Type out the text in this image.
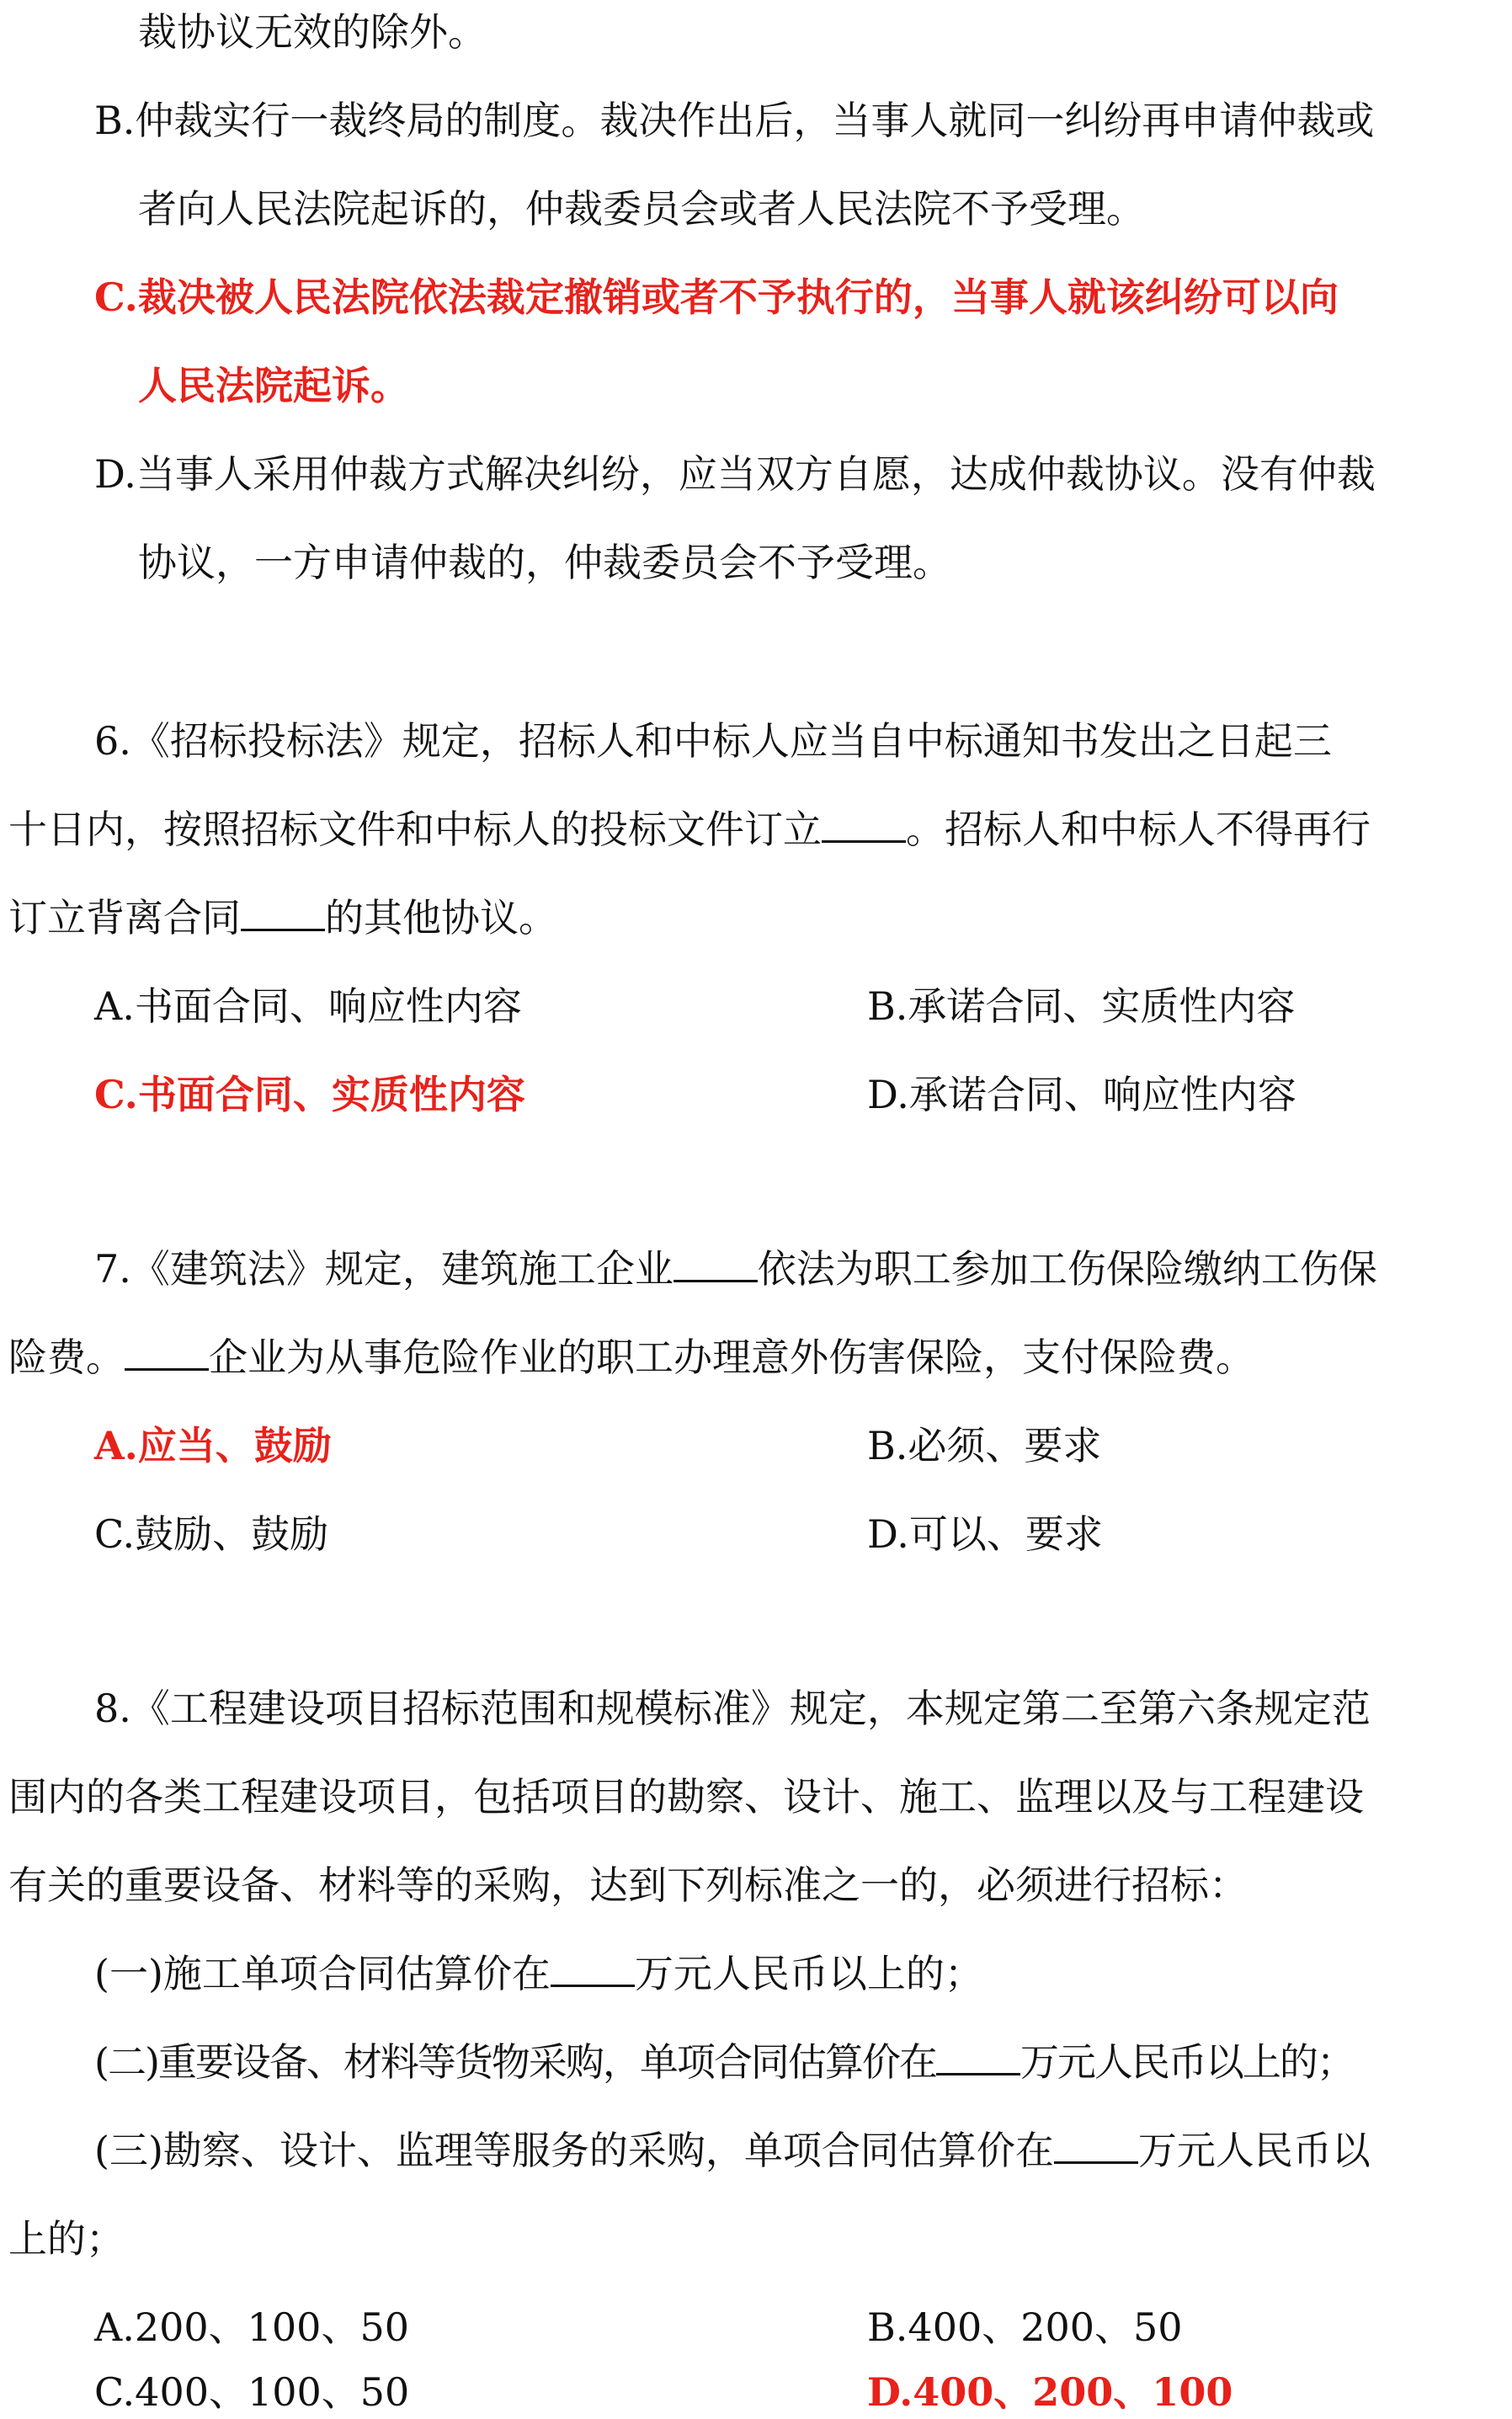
裁协议无效的除外。
B.仲裁实行一裁终局的制度。裁决作出后，当事人就同一纠纷再申请仲裁或
者向人民法院起诉的，仲裁委员会或者人民法院不予受理。
C.裁决被人民法院依法裁定撤销或者不予执行的，当事人就该纠纷可以向
人民法院起诉。
D.当事人采用仲裁方式解决纠纷，应当双方自愿，达成仲裁协议。没有仲裁
协议，一方申请仲裁的，仲裁委员会不予受理。
6.《招标投标法》规定，招标人和中标人应当自中标通知书发出之日起三
十日内，按照招标文件和中标人的投标文件订立 。招标人和中标人不得再行
订立背离合同 的其他协议。
A.书面合同、响应性内容	B.承诺合同、实质性内容
C.书面合同、实质性内容	D.承诺合同、响应性内容
7.《建筑法》规定，建筑施工企业 依法为职工参加工伤保险缴纳工伤保
险费。 企业为从事危险作业的职工办理意外伤害保险，支付保险费。
A.应当、鼓励	B.必须、要求
C.鼓励、鼓励	D.可以、要求
8.《工程建设项目招标范围和规模标准》规定，本规定第二至第六条规定范
围内的各类工程建设项目，包括项目的勘察、设计、施工、监理以及与工程建设
有关的重要设备、材料等的采购，达到下列标准之一的，必须进行招标：
(一)施工单项合同估算价在 万元人民币以上的；
(二)重要设备、材料等货物采购，单项合同估算价在 万元人民币以上的；
(三)勘察、设计、监理等服务的采购，单项合同估算价在 万元人民币以
上的；
A.200、100、50	B.400、200、50
C.400、100、50	D.400、200、100
